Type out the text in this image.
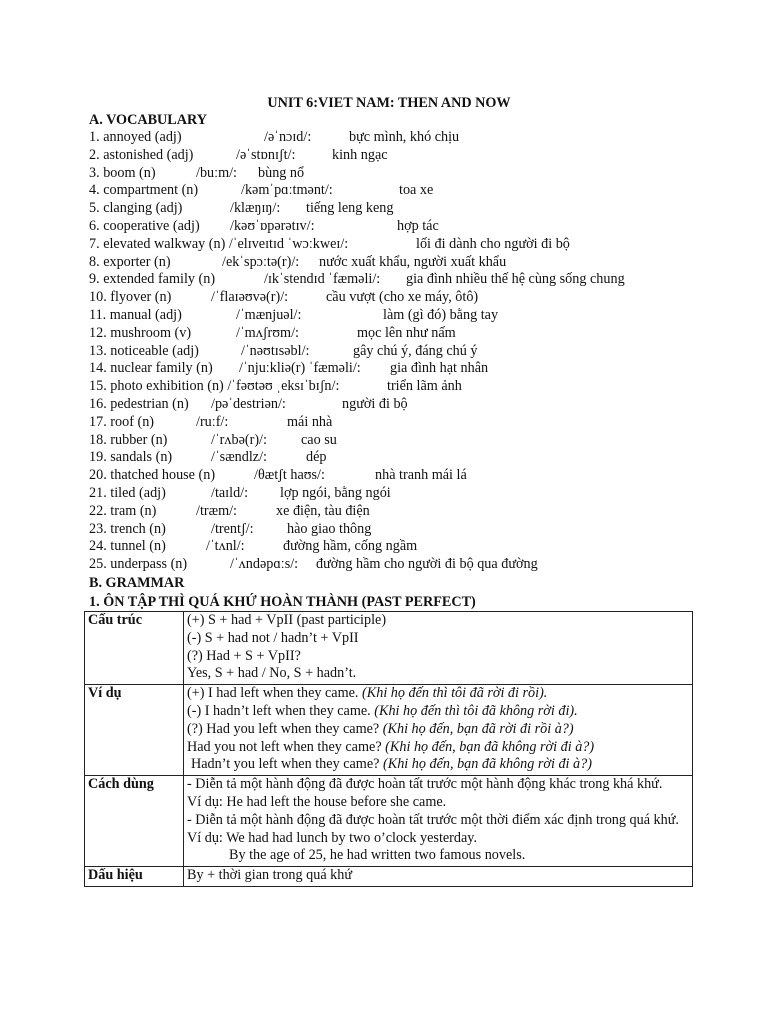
UNIT 6:VIET NAM: THEN AND NOW
A. VOCABULARY
1. annoyed (adj)	/əˈnɔɪd/:	bực mình, khó chịu
2. astonished (adj)	/əˈstɒnɪʃt/:	kinh ngạc
3. boom (n)	/buːm/: bùng nổ
4. compartment (n)	/kəmˈpɑːtmənt/:	toa xe
5. clanging (adj)	/klæŋɪŋ/: tiếng leng keng
6. cooperative (adj) /kəʊˈɒpərətɪv/:	hợp tác
7. elevated walkway (n) /ˈelɪveɪtɪd ˈwɔːkweɪ/:	lối đi dành cho người đi bộ
8. exporter (n)	/ekˈspɔːtə(r)/: nước xuất khẩu, người xuất khẩu
9. extended family (n)	/ɪkˈstendɪd ˈfæməli/: gia đình nhiều thế hệ cùng sống chung
10. flyover (n)	/ˈflaɪəʊvə(r)/:	cầu vượt (cho xe máy, ôtô)
11. manual (adj)	/ˈmænjuəl/:	làm (gì đó) bằng tay
12. mushroom (v)	/ˈmʌʃrʊm/:	mọc lên như nấm
13. noticeable (adj)	/ˈnəʊtɪsəbl/:	gây chú ý, đáng chú ý
14. nuclear family (n) /ˈnjuːkliə(r) ˈfæməli/: gia đình hạt nhân
15. photo exhibition (n) /ˈfəʊtəʊ ˌeksɪˈbɪʃn/:	triển lãm ảnh
16. pedestrian (n) /pəˈdestriən/:	người đi bộ
17. roof (n)	/ruːf/:	mái nhà
18. rubber (n)	/ˈrʌbə(r)/: cao su
19. sandals (n)	/ˈsændlz/:	dép
20. thatched house (n)	/θætʃt haʊs/:	nhà tranh mái lá
21. tiled (adj)	/taɪld/: lợp ngói, bằng ngói
22. tram (n)	/træm/:	xe điện, tàu điện
23. trench (n)	/trentʃ/: hào giao thông
24. tunnel (n)	/ˈtʌnl/:	đường hầm, cống ngầm
25. underpass (n)	/ˈʌndəpɑːs/: đường hầm cho người đi bộ qua đường
B. GRAMMAR
1. ÔN TẬP THÌ QUÁ KHỨ HOÀN THÀNH (PAST PERFECT)
Cấu trúc	(+) S + had + VpII (past participle)
(-) S + had not / hadn’t + VpII
(?) Had + S + VpII?
Yes, S + had / No, S + hadn’t.

Ví dụ	(+) I had left when they came. (Khi họ đến thì tôi đã rời đi rồi).
(-) I hadn’t left when they came. (Khi họ đến thì tôi đã không rời đi).
(?) Had you left when they came? (Khi họ đến, bạn đã rời đi rồi à?)
Had you not left when they came? (Khi họ đến, bạn đã không rời đi à?)
Hadn’t you left when they came? (Khi họ đến, bạn đã không rời đi à?)

Cách dùng	- Diễn tả một hành động đã được hoàn tất trước một hành động khác trong khá khứ.
Ví dụ: He had left the house before she came.
- Diễn tả một hành động đã được hoàn tất trước một thời điểm xác định trong quá khứ.
Ví dụ: We had had lunch by two o’clock yesterday.
By the age of 25, he had written two famous novels.

Dấu hiệu	By + thời gian trong quá khứ
